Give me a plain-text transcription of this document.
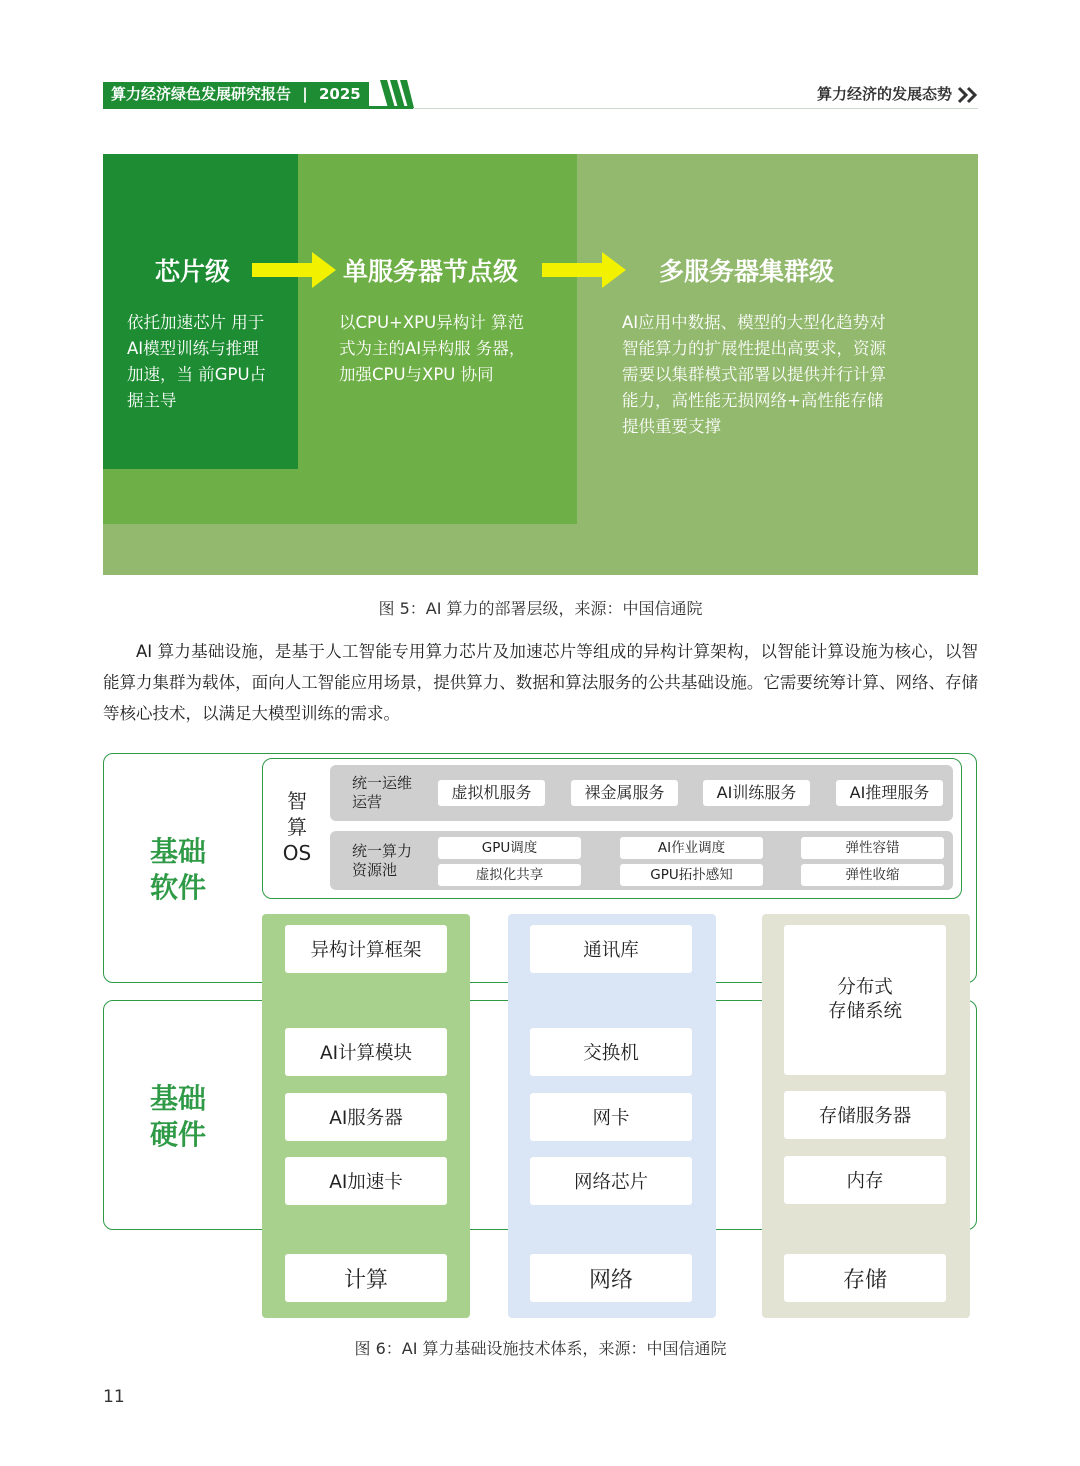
算力经济绿色发展研究报告 | 2025	算力经济的发展态势
芯片级	单服务器节点级	多服务器集群级
依托加速芯片 用于AI模型训练与推理加速，当 前GPU占据主导
以CPU+XPU异构计 算范式为主的AI异构服 务器，加强CPU与XPU 协同
AI应用中数据、模型的大型化趋势对智能算力的扩展性提出高要求，资源需要以集群模式部署以提供并行计算能力，高性能无损网络+高性能存储提供重要支撑
图 5：AI 算力的部署层级，来源：中国信通院
AI 算力基础设施，是基于人工智能专用算力芯片及加速芯片等组成的异构计算架构，以智能计算设施为核心，以智能算力集群为载体，面向人工智能应用场景，提供算力、数据和算法服务的公共基础设施。它需要统筹计算、网络、存储等核心技术，以满足大模型训练的需求。
基础
软件
基础
硬件
智
算
OS
统一运维
运营	虚拟机服务	裸金属服务	AI训练服务	AI推理服务
统一算力
资源池
GPU调度
虚拟化共享
AI作业调度
GPU拓扑感知
弹性容错
弹性收缩
异构计算框架
AI计算模块
AI服务器
AI加速卡
计算
通讯库
交换机
网卡
网络芯片
网络
分布式
存储系统
存储服务器
内存
存储
图 6：AI 算力基础设施技术体系，来源：中国信通院
11
